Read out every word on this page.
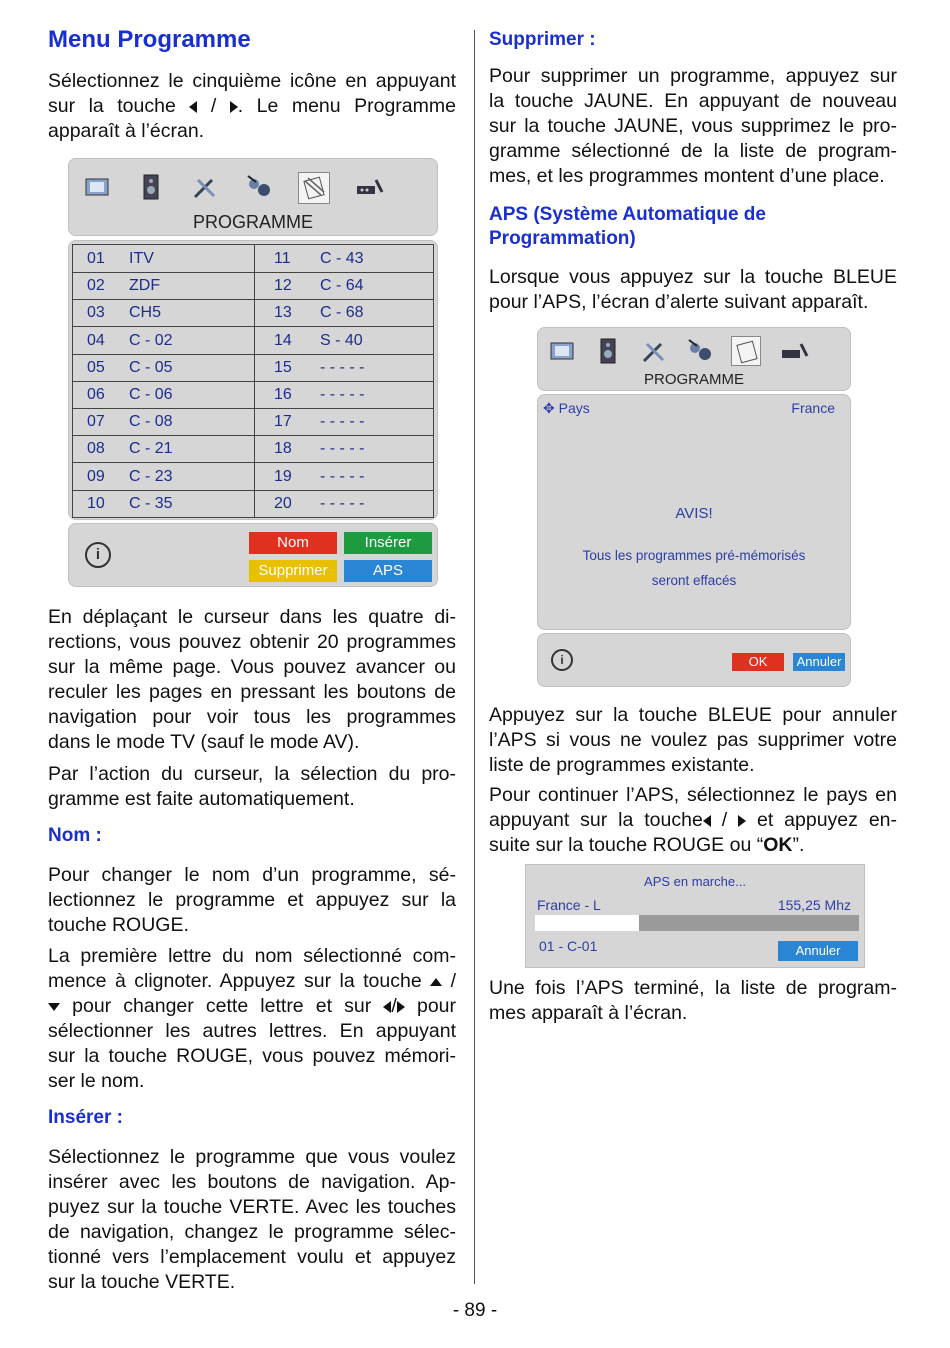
Menu Programme
Sélectionnez le cinquième icône en appuyant
sur la touche / . Le menu Programme
apparaît à l’écran.
PROGRAMME
01 ITV	11 C - 43
02 ZDF	12 C - 64
03 CH5	13 C - 68
04 C - 02	14 S - 40
05 C - 05	15 - - - - -
06 C - 06	16 - - - - -
07 C - 08	17 - - - - -
08 C - 21	18 - - - - -
09 C - 23	19 - - - - -
10 C - 35	20 - - - - -
i
Nom	Insérer
Supprimer	APS
En déplaçant le curseur dans les quatre di-
rections, vous pouvez obtenir 20 programmes
sur la même page. Vous pouvez avancer ou
reculer les pages en pressant les boutons de
navigation pour voir tous les programmes
dans le mode TV (sauf le mode AV).
Par l’action du curseur, la sélection du pro-
gramme est faite automatiquement.
Nom :
Pour changer le nom d’un programme, sé-
lectionnez le programme et appuyez sur la
touche ROUGE.
La première lettre du nom sélectionné com-
mence à clignoter. Appuyez sur la touche /
pour changer cette lettre et sur / pour
sélectionner les autres lettres. En appuyant
sur la touche ROUGE, vous pouvez mémori-
ser le nom.
Insérer :
Sélectionnez le programme que vous voulez
insérer avec les boutons de navigation. Ap-
puyez sur la touche VERTE. Avec les touches
de navigation, changez le programme sélec-
tionné vers l’emplacement voulu et appuyez
sur la touche VERTE.
Supprimer :
Pour supprimer un programme, appuyez sur
la touche JAUNE. En appuyant de nouveau
sur la touche JAUNE, vous supprimez le pro-
gramme sélectionné de la liste de program-
mes, et les programmes montent d’une place.
APS (Système Automatique de
Programmation)
Lorsque vous appuyez sur la touche BLEUE
pour l’APS, l’écran d’alerte suivant apparaît.
PROGRAMME
✥ Pays	France
AVIS!
Tous les programmes pré-mémorisés
seront effacés
i	OK	Annuler
Appuyez sur la touche BLEUE pour annuler
l’APS si vous ne voulez pas supprimer votre
liste de programmes existante.
Pour continuer l’APS, sélectionnez le pays en
appuyant sur la touche / et appuyez en-
suite sur la touche ROUGE ou “OK”.
APS en marche...
France - L	155,25 Mhz
01 - C-01	Annuler
Une fois l’APS terminé, la liste de program-
mes apparaît à l’écran.
- 89 -
